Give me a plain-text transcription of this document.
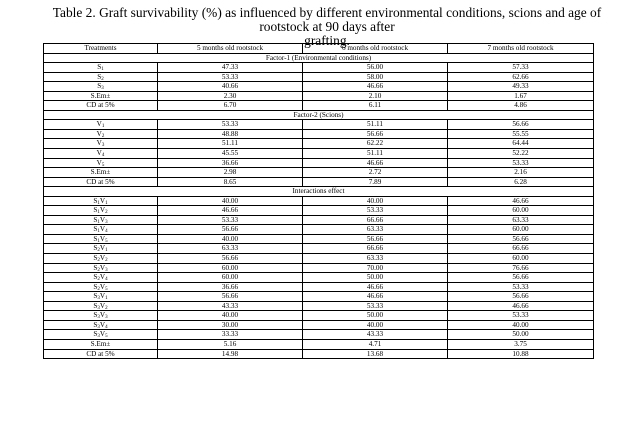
Table 2. Graft survivability (%) as influenced by different environmental conditions, scions and age of rootstock at 90 days after
grafting.
Treatments	5 months old rootstock	6 months old rootstock	7 months old rootstock
Factor-1 (Environmental conditions)			
$S_1$	47.33	56.00	57.33
$S_2$	53.33	58.00	62.66
$S_3$	40.66	46.66	49.33
S.Em±	2.30	2.10	1.67
CD at 5%	6.70	6.11	4.86
Factor-2 (Scions)			
$V_1$	53.33	51.11	56.66
$V_2$	48.88	56.66	55.55
$V_3$	51.11	62.22	64.44
$V_4$	45.55	51.11	52.22
$V_5$	36.66	46.66	53.33
S.Em±	2.98	2.72	2.16
CD at 5%	8.65	7.89	6.28
Interactions effect			
$S_1V_1$	40.00	40.00	46.66
$S_1V_2$	46.66	53.33	60.00
$S_1V_3$	53.33	66.66	63.33
$S_1V_4$	56.66	63.33	60.00
$S_1V_5$	40.00	56.66	56.66
$S_2V_1$	63.33	66.66	66.66
$S_2V_2$	56.66	63.33	60.00
$S_2V_3$	60.00	70.00	76.66
$S_2V_4$	60.00	50.00	56.66
$S_2V_5$	36.66	46.66	53.33
$S_3V_1$	56.66	46.66	56.66
$S_3V_2$	43.33	53.33	46.66
$S_3V_3$	40.00	50.00	53.33
$S_3V_4$	30.00	40.00	40.00
$S_3V_5$	33.33	43.33	50.00
S.Em±	5.16	4.71	3.75
CD at 5%	14.98	13.68	10.88
